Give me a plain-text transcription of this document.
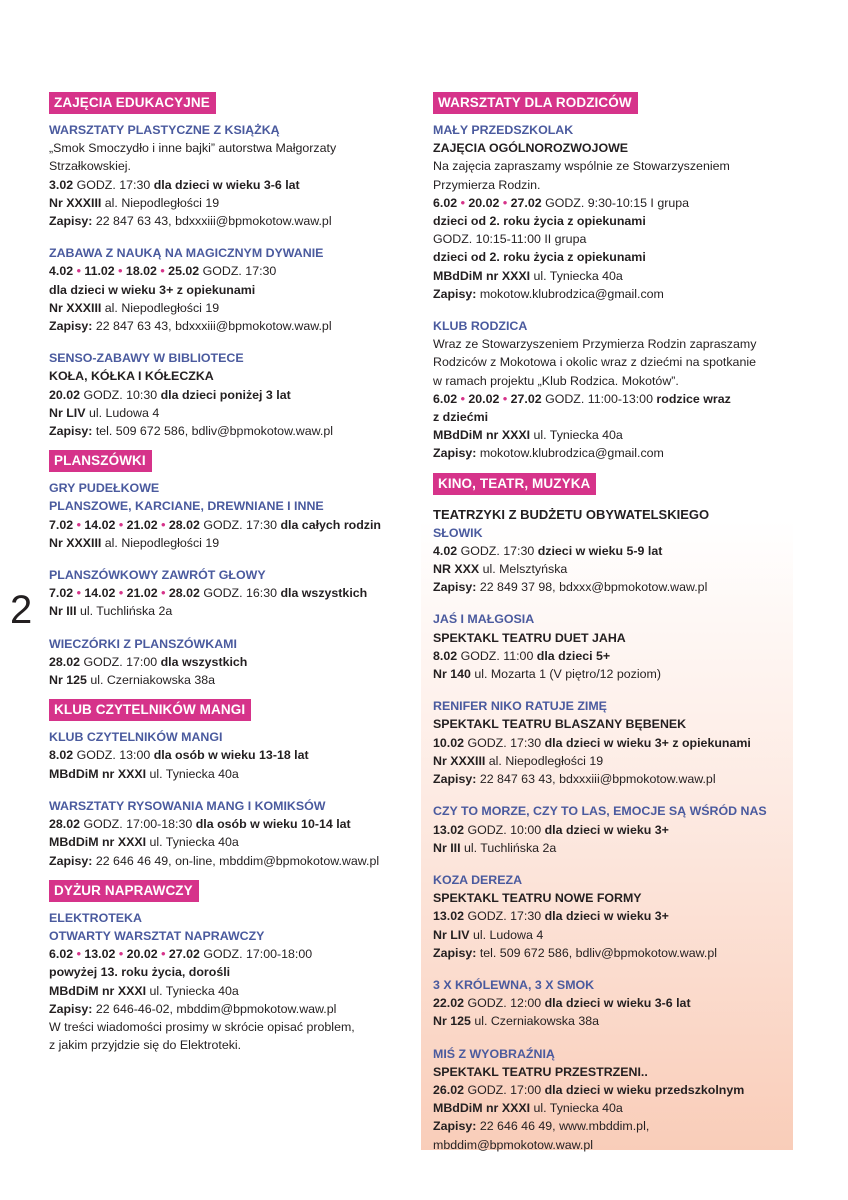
2
ZAJĘCIA EDUKACYJNE
WARSZTATY PLASTYCZNE Z KSIĄŻKĄ
„Smok Smoczydło i inne bajki” autorstwa Małgorzaty
Strzałkowskiej.
3.02 GODZ. 17:30 dla dzieci w wieku 3-6 lat
Nr XXXIII al. Niepodległości 19
Zapisy: 22 847 63 43, bdxxxiii@bpmokotow.waw.pl
ZABAWA Z NAUKĄ NA MAGICZNYM DYWANIE
4.02 • 11.02 • 18.02 • 25.02 GODZ. 17:30
dla dzieci w wieku 3+ z opiekunami
Nr XXXIII al. Niepodległości 19
Zapisy: 22 847 63 43, bdxxxiii@bpmokotow.waw.pl
SENSO-ZABAWY W BIBLIOTECE
KOŁA, KÓŁKA I KÓŁECZKA
20.02 GODZ. 10:30 dla dzieci poniżej 3 lat
Nr LIV ul. Ludowa 4
Zapisy: tel. 509 672 586, bdliv@bpmokotow.waw.pl
PLANSZÓWKI
GRY PUDEŁKOWE
PLANSZOWE, KARCIANE, DREWNIANE I INNE
7.02 • 14.02 • 21.02 • 28.02 GODZ. 17:30 dla całych rodzin
Nr XXXIII al. Niepodległości 19
PLANSZÓWKOWY ZAWRÓT GŁOWY
7.02 • 14.02 • 21.02 • 28.02 GODZ. 16:30 dla wszystkich
Nr III ul. Tuchlińska 2a
WIECZÓRKI Z PLANSZÓWKAMI
28.02 GODZ. 17:00 dla wszystkich
Nr 125 ul. Czerniakowska 38a
KLUB CZYTELNIKÓW MANGI
KLUB CZYTELNIKÓW MANGI
8.02 GODZ. 13:00 dla osób w wieku 13-18 lat
MBdDiM nr XXXI ul. Tyniecka 40a
WARSZTATY RYSOWANIA MANG I KOMIKSÓW
28.02 GODZ. 17:00-18:30 dla osób w wieku 10-14 lat
MBdDiM nr XXXI ul. Tyniecka 40a
Zapisy: 22 646 46 49, on-line, mbddim@bpmokotow.waw.pl
DYŻUR NAPRAWCZY
ELEKTROTEKA
OTWARTY WARSZTAT NAPRAWCZY
6.02 • 13.02 • 20.02 • 27.02 GODZ. 17:00-18:00
powyżej 13. roku życia, dorośli
MBdDiM nr XXXI ul. Tyniecka 40a
Zapisy: 22 646-46-02, mbddim@bpmokotow.waw.pl
W treści wiadomości prosimy w skrócie opisać problem,
z jakim przyjdzie się do Elektroteki.
WARSZTATY DLA RODZICÓW
MAŁY PRZEDSZKOLAK
ZAJĘCIA OGÓLNOROZWOJOWE
Na zajęcia zapraszamy wspólnie ze Stowarzyszeniem
Przymierza Rodzin.
6.02 • 20.02 • 27.02 GODZ. 9:30-10:15 I grupa
dzieci od 2. roku życia z opiekunami
GODZ. 10:15-11:00 II grupa
dzieci od 2. roku życia z opiekunami
MBdDiM nr XXXI ul. Tyniecka 40a
Zapisy: mokotow.klubrodzica@gmail.com
KLUB RODZICA
Wraz ze Stowarzyszeniem Przymierza Rodzin zapraszamy
Rodziców z Mokotowa i okolic wraz z dziećmi na spotkanie
w ramach projektu „Klub Rodzica. Mokotów”.
6.02 • 20.02 • 27.02 GODZ. 11:00-13:00 rodzice wraz
z dziećmi
MBdDiM nr XXXI ul. Tyniecka 40a
Zapisy: mokotow.klubrodzica@gmail.com
KINO, TEATR, MUZYKA
TEATRZYKI Z BUDŻETU OBYWATELSKIEGO
SŁOWIK
4.02 GODZ. 17:30 dzieci w wieku 5-9 lat
NR XXX ul. Melsztyńska
Zapisy: 22 849 37 98, bdxxx@bpmokotow.waw.pl
JAŚ I MAŁGOSIA
SPEKTAKL TEATRU DUET JAHA
8.02 GODZ. 11:00 dla dzieci 5+
Nr 140 ul. Mozarta 1 (V piętro/12 poziom)
RENIFER NIKO RATUJE ZIMĘ
SPEKTAKL TEATRU BLASZANY BĘBENEK
10.02 GODZ. 17:30 dla dzieci w wieku 3+ z opiekunami
Nr XXXIII al. Niepodległości 19
Zapisy: 22 847 63 43, bdxxxiii@bpmokotow.waw.pl
CZY TO MORZE, CZY TO LAS, EMOCJE SĄ WŚRÓD NAS
13.02 GODZ. 10:00 dla dzieci w wieku 3+
Nr III ul. Tuchlińska 2a
KOZA DEREZA
SPEKTAKL TEATRU NOWE FORMY
13.02 GODZ. 17:30 dla dzieci w wieku 3+
Nr LIV ul. Ludowa 4
Zapisy: tel. 509 672 586, bdliv@bpmokotow.waw.pl
3 X KRÓLEWNA, 3 X SMOK
22.02 GODZ. 12:00 dla dzieci w wieku 3-6 lat
Nr 125 ul. Czerniakowska 38a
MIŚ Z WYOBRAŹNIĄ
SPEKTAKL TEATRU PRZESTRZENI..
26.02 GODZ. 17:00 dla dzieci w wieku przedszkolnym
MBdDiM nr XXXI ul. Tyniecka 40a
Zapisy: 22 646 46 49, www.mbddim.pl,
mbddim@bpmokotow.waw.pl
